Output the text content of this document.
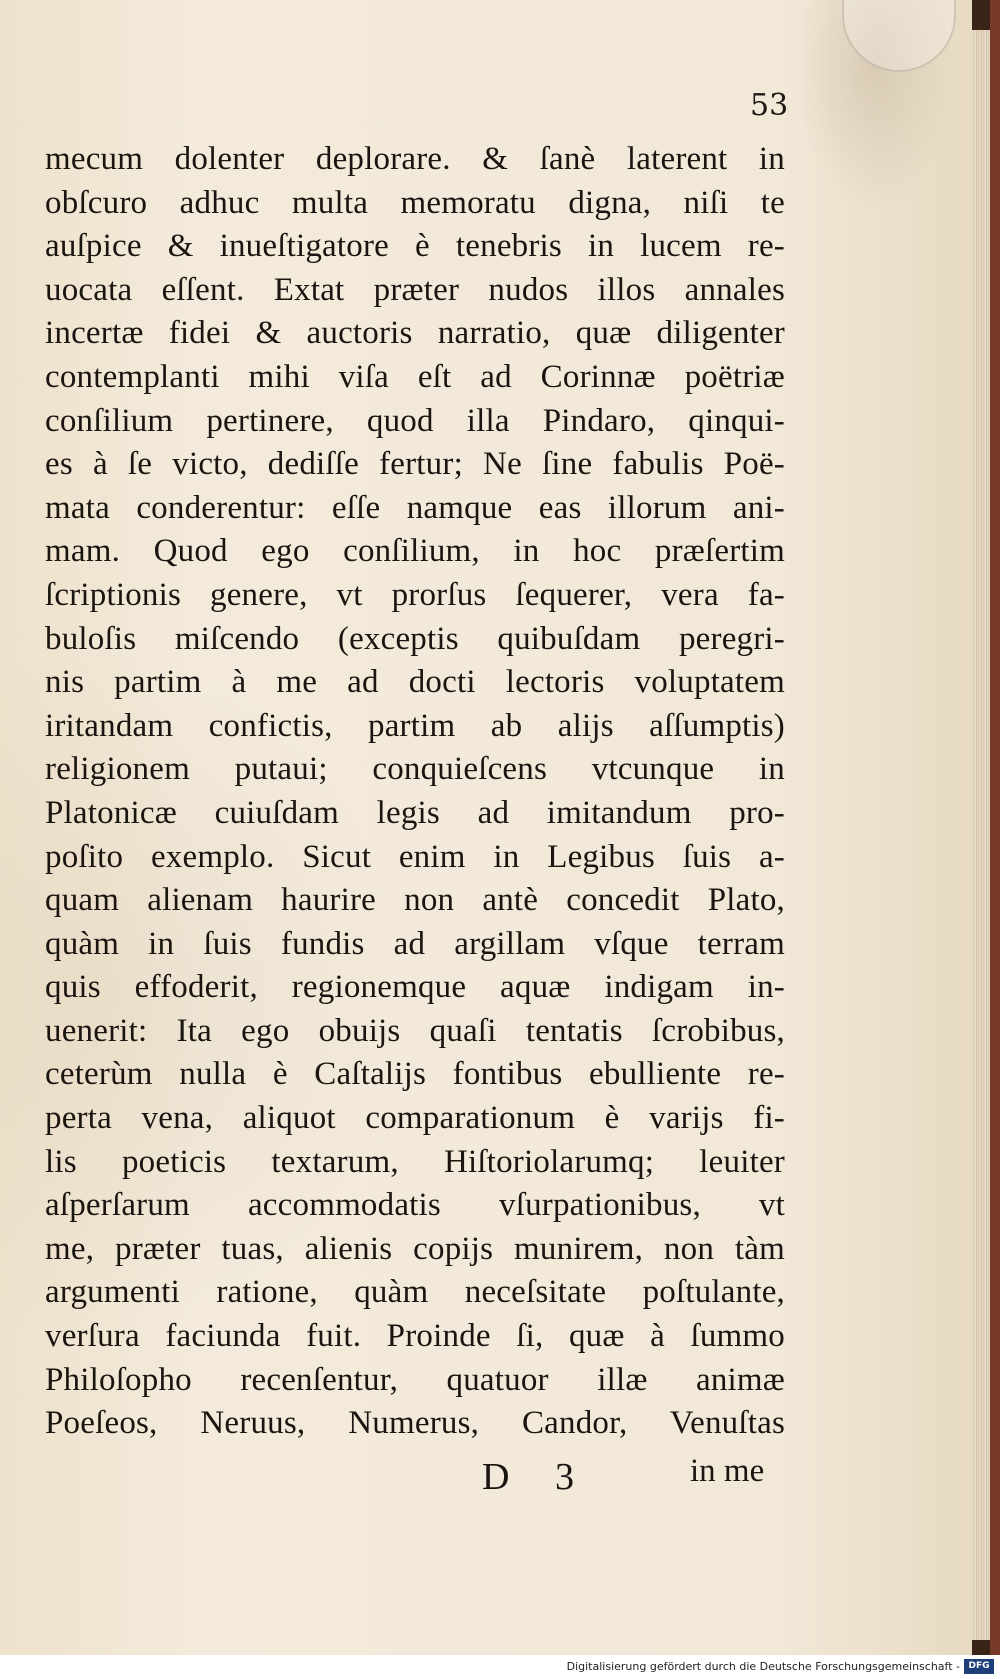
53
mecum dolenter deplorare. & ſanè laterent in
obſcuro adhuc multa memoratu digna, niſi te
auſpice & inueſtigatore è tenebris in lucem re-
uocata eſſent. Extat præter nudos illos annales
incertæ fidei & auctoris narratio, quæ diligenter
contemplanti mihi viſa eſt ad Corinnæ poëtriæ
conſilium pertinere, quod illa Pindaro, qinqui-
es à ſe victo, dediſſe fertur; Ne ſine fabulis Poë-
mata conderentur: eſſe namque eas illorum ani-
mam. Quod ego conſilium, in hoc præſertim
ſcriptionis genere, vt prorſus ſequerer, vera fa-
buloſis miſcendo (exceptis quibuſdam peregri-
nis partim à me ad docti lectoris voluptatem
iritandam confictis, partim ab alijs aſſumptis)
religionem putaui; conquieſcens vtcunque in
Platonicæ cuiuſdam legis ad imitandum pro-
poſito exemplo. Sicut enim in Legibus ſuis a-
quam alienam haurire non antè concedit Plato,
quàm in ſuis fundis ad argillam vſque terram
quis effoderit, regionemque aquæ indigam in-
uenerit: Ita ego obuijs quaſi tentatis ſcrobibus,
ceterùm nulla è Caſtalijs fontibus ebulliente re-
perta vena, aliquot comparationum è varijs fi-
lis poeticis textarum, Hiſtoriolarumq; leuiter
aſperſarum accommodatis vſurpationibus, vt
me, præter tuas, alienis copijs munirem, non tàm
argumenti ratione, quàm neceſsitate poſtulante,
verſura faciunda fuit. Proinde ſi, quæ à ſummo
Philoſopho recenſentur, quatuor illæ animæ
Poeſeos, Neruus, Numerus, Candor, Venuſtas
D 3	in me
Digitalisierung gefördert durch die Deutsche Forschungsgemeinschaft - DFG
